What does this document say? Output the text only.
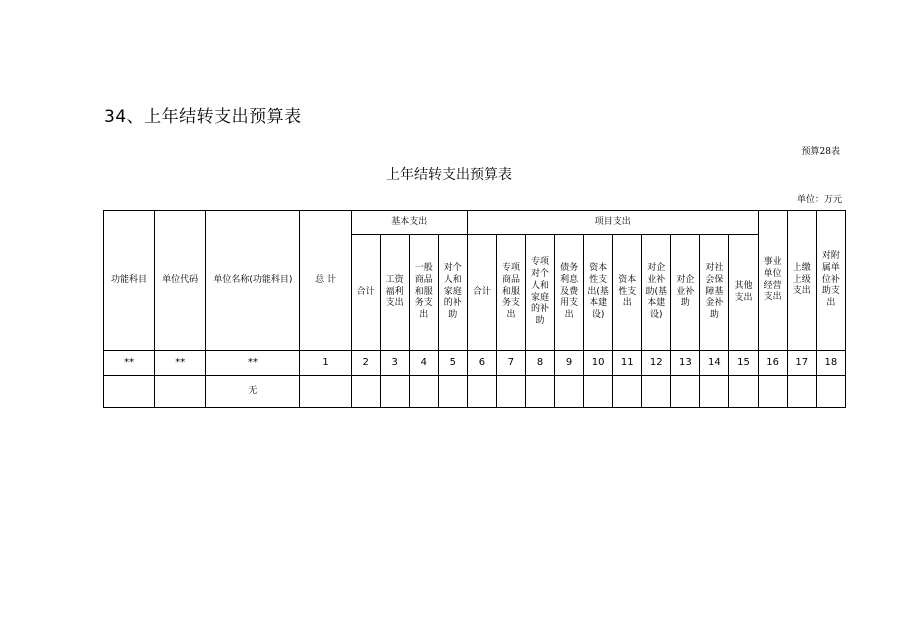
34、上年结转支出预算表
预算28表
上年结转支出预算表
单位：万元
功能科目	单位代码	单位名称(功能科目)	总 计	基本支出				项目支出										事业单位经营支出	上缴上级支出	对附属单位补助支出
				合计	工资福利支出	一般商品和服务支出	对个人和家庭的补助	合计	专项商品和服务支出	专项对个人和家庭的补助	债务利息及费用支出	资本性支出(基本建设)	资本性支出	对企业补助(基本建设)	对企业补助	对社会保障基金补助	其他支出			
**	**	**	1	2	3	4	5	6	7	8	9	10	11	12	13	14	15	16	17	18
		无																		
